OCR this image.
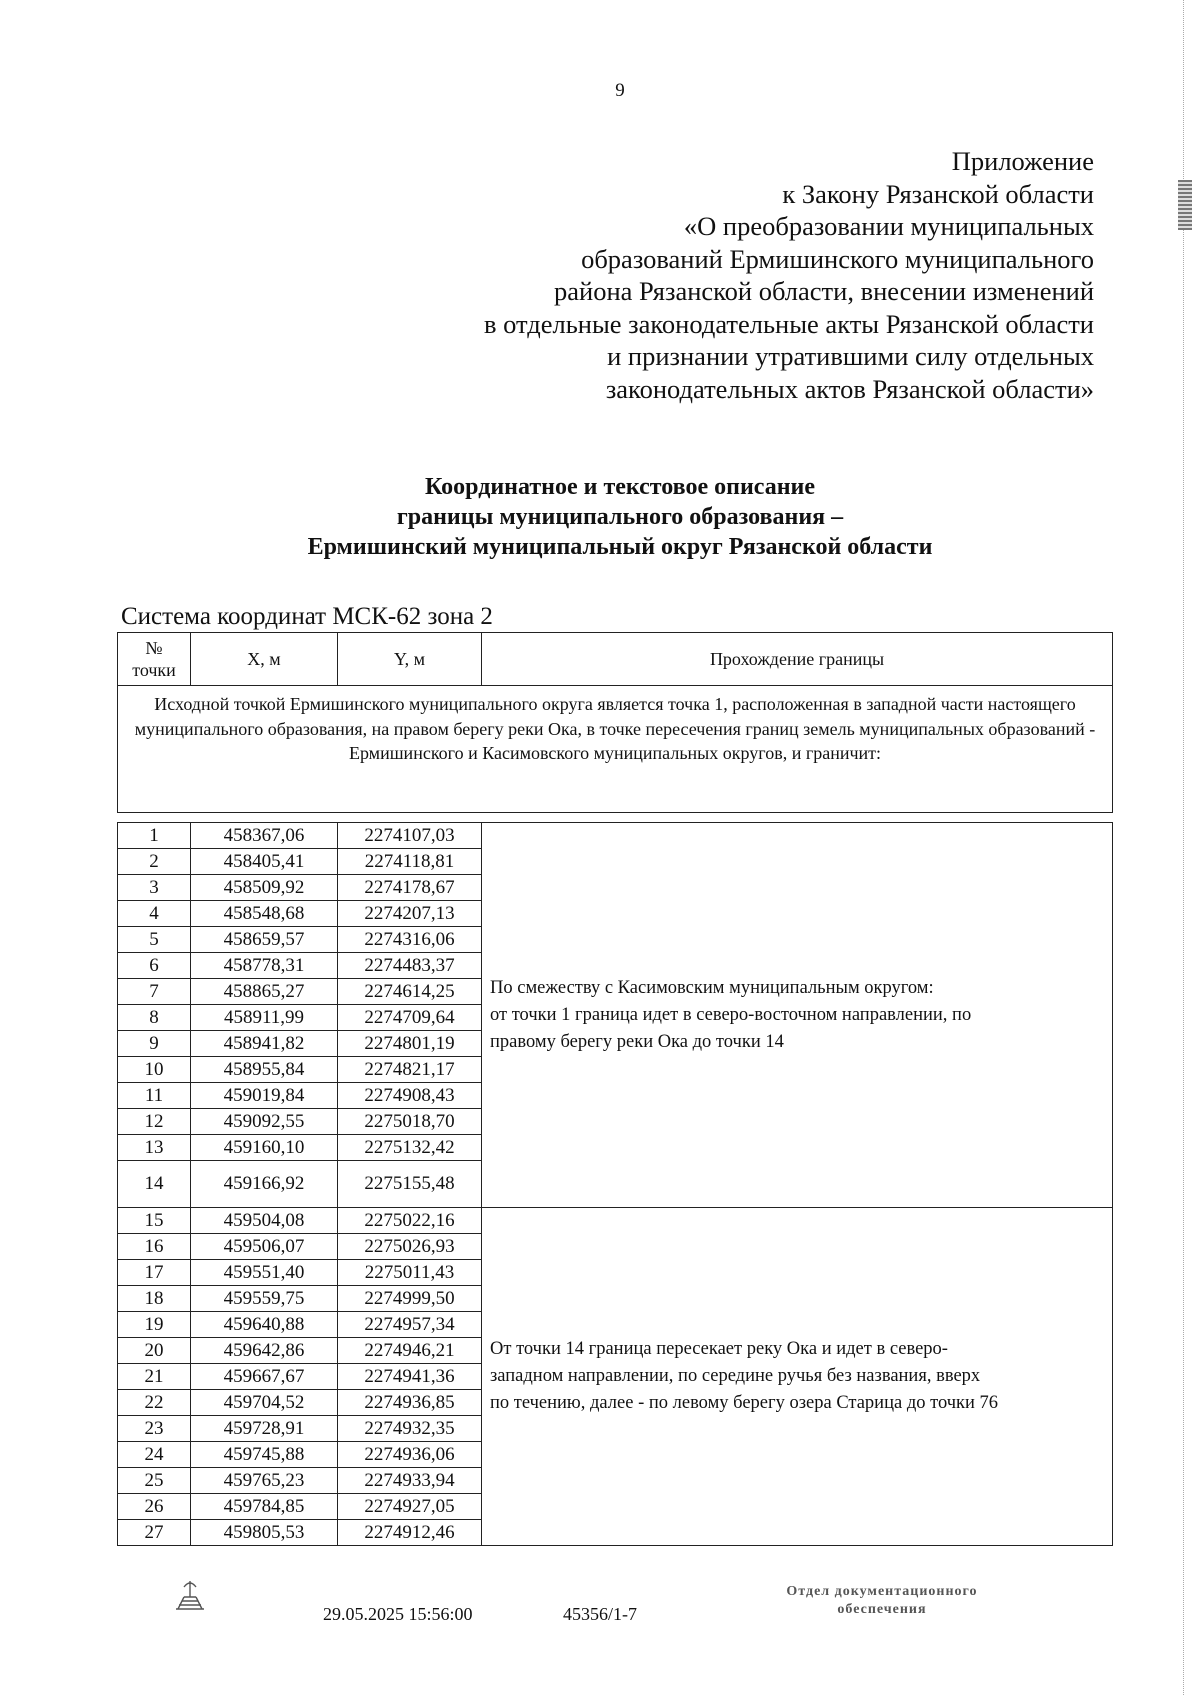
9
Приложение
к Закону Рязанской области
«О преобразовании муниципальных
образований Ермишинского муниципального
района Рязанской области, внесении изменений
в отдельные законодательные акты Рязанской области
и признании утратившими силу отдельных
законодательных актов Рязанской области»
Координатное и текстовое описание
границы муниципального образования –
Ермишинский муниципальный округ Рязанской области
Система координат МСК-62 зона 2
№
точки	X, м	Y, м	Прохождение границы
Исходной точкой Ермишинского муниципального округа является точка 1, расположенная в западной части настоящего муниципального образования, на правом берегу реки Ока, в точке пересечения границ земель муниципальных образований - Ермишинского и Касимовского муниципальных округов, и граничит:			

1	458367,06	2274107,03	По смежеству с Касимовским муниципальным округом:
от точки 1 граница идет в северо-восточном направлении, по
правому берегу реки Ока до точки 14

2	458405,41	2274118,81	
3	458509,92	2274178,67	
4	458548,68	2274207,13	
5	458659,57	2274316,06	
6	458778,31	2274483,37	
7	458865,27	2274614,25	
8	458911,99	2274709,64	
9	458941,82	2274801,19	
10	458955,84	2274821,17	
11	459019,84	2274908,43	
12	459092,55	2275018,70	
13	459160,10	2275132,42	
14	459166,92	2275155,48	
15	459504,08	2275022,16	От точки 14 граница пересекает реку Ока и идет в северо-
западном направлении, по середине ручья без названия, вверх
по течению, далее - по левому берегу озера Старица до точки 76

16	459506,07	2275026,93	
17	459551,40	2275011,43	
18	459559,75	2274999,50	
19	459640,88	2274957,34	
20	459642,86	2274946,21	
21	459667,67	2274941,36	
22	459704,52	2274936,85	
23	459728,91	2274932,35	
24	459745,88	2274936,06	
25	459765,23	2274933,94	
26	459784,85	2274927,05	
27	459805,53	2274912,46	
29.05.2025 15:56:00	45356/1-7
Отдел документационного
обеспечения
